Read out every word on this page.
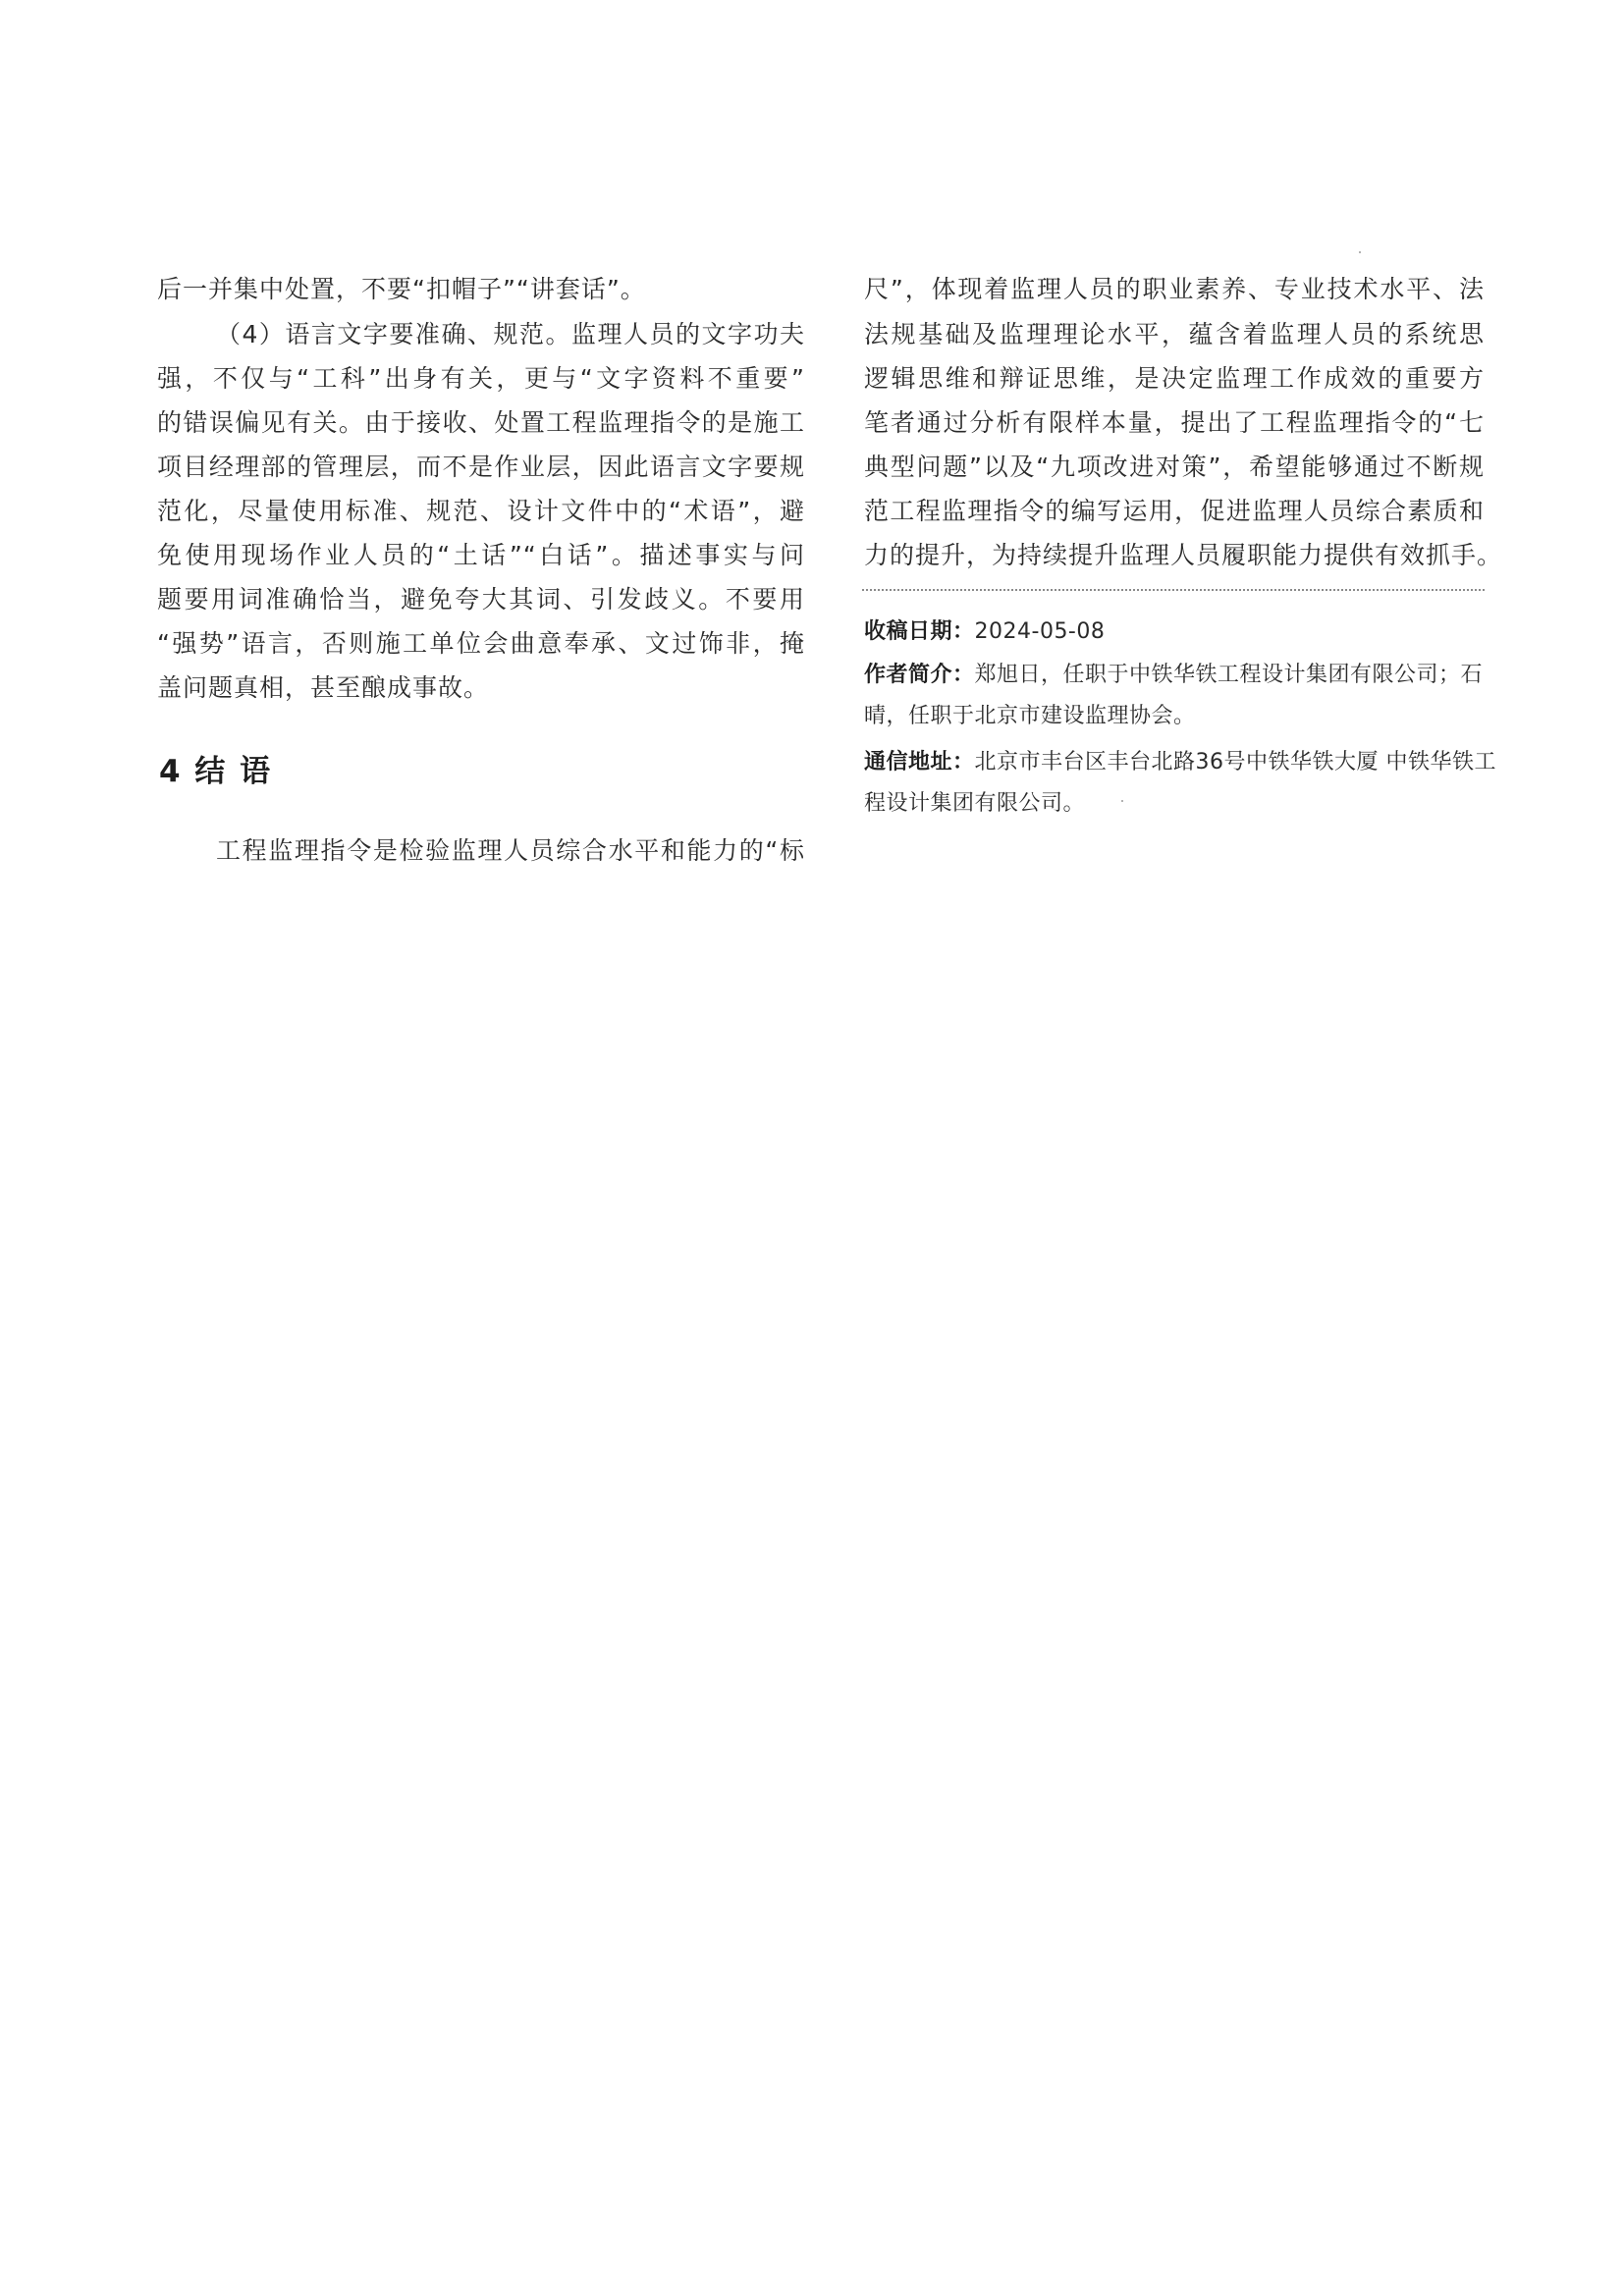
后一并集中处置，不要“扣帽子”“讲套话”。
（4）语言文字要准确、规范。监理人员的文字功夫
强，不仅与“工科”出身有关，更与“文字资料不重要”
的错误偏见有关。由于接收、处置工程监理指令的是施工
项目经理部的管理层，而不是作业层，因此语言文字要规
范化，尽量使用标准、规范、设计文件中的“术语”，避
免使用现场作业人员的“土话”“白话”。描述事实与问
题要用词准确恰当，避免夸大其词、引发歧义。不要用
“强势”语言，否则施工单位会曲意奉承、文过饰非，掩
盖问题真相，甚至酿成事故。
4 结 语
工程监理指令是检验监理人员综合水平和能力的“标
尺”，体现着监理人员的职业素养、专业技术水平、法
法规基础及监理理论水平，蕴含着监理人员的系统思
逻辑思维和辩证思维，是决定监理工作成效的重要方
笔者通过分析有限样本量，提出了工程监理指令的“七
典型问题”以及“九项改进对策”，希望能够通过不断规
范工程监理指令的编写运用，促进监理人员综合素质和
力的提升，为持续提升监理人员履职能力提供有效抓手。
收稿日期：2024-05-08
作者简介：郑旭日，任职于中铁华铁工程设计集团有限公司；石
晴，任职于北京市建设监理协会。
通信地址：北京市丰台区丰台北路36号中铁华铁大厦 中铁华铁工
程设计集团有限公司。
